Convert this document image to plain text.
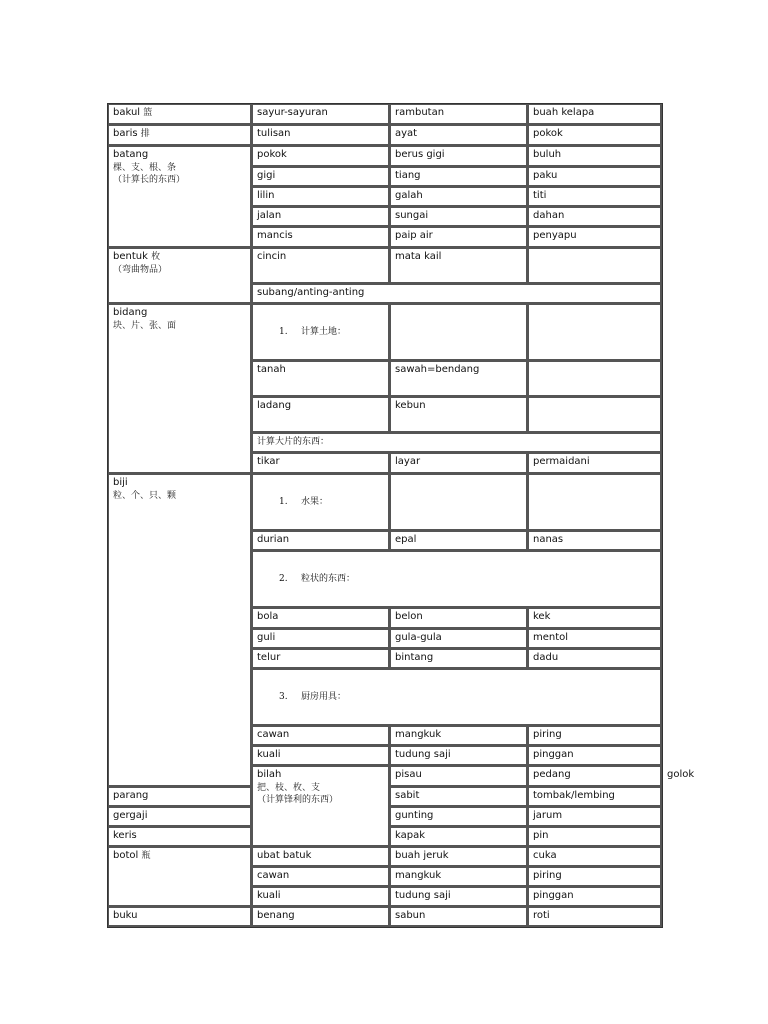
bakul 篮	sayur-sayuran	rambutan	buah kelapa	
baris 排	tulisan	ayat	pokok	

batang
棵、支、根、条
（计算长的东西）	pokok	berus gigi	buluh	
	gigi	tiang	paku	
	lilin	galah	titi	
	jalan	sungai	dahan	
	mancis	paip air	penyapu	

bentuk 枚
（弯曲物品）	cincin	mata kail		
	subang/anting-anting			

bidang
块、片、张、面	1. 计算土地：			
	tanah	sawah=bendang		
	ladang	kebun		
	计算大片的东西：			
	tikar	layar	permaidani	

biji
粒、个、只、颗	1. 水果：			
	durian	epal	nanas	
	2. 粒状的东西：			
	bola	belon	kek	
	guli	gula-gula	mentol	
	telur	bintang	dadu	
	3. 厨房用具：			
	cawan	mangkuk	piring	
	kuali	tudung saji	pinggan	

	bilah
把、枝、枚、支
（计算锋利的东西）	pisau	pedang	golok
parang		sabit	tombak/lembing	
gergaji		gunting	jarum	
keris		kapak	pin	
botol 瓶	ubat batuk	buah jeruk	cuka	
	cawan	mangkuk	piring	
	kuali	tudung saji	pinggan	
buku	benang	sabun	roti	
